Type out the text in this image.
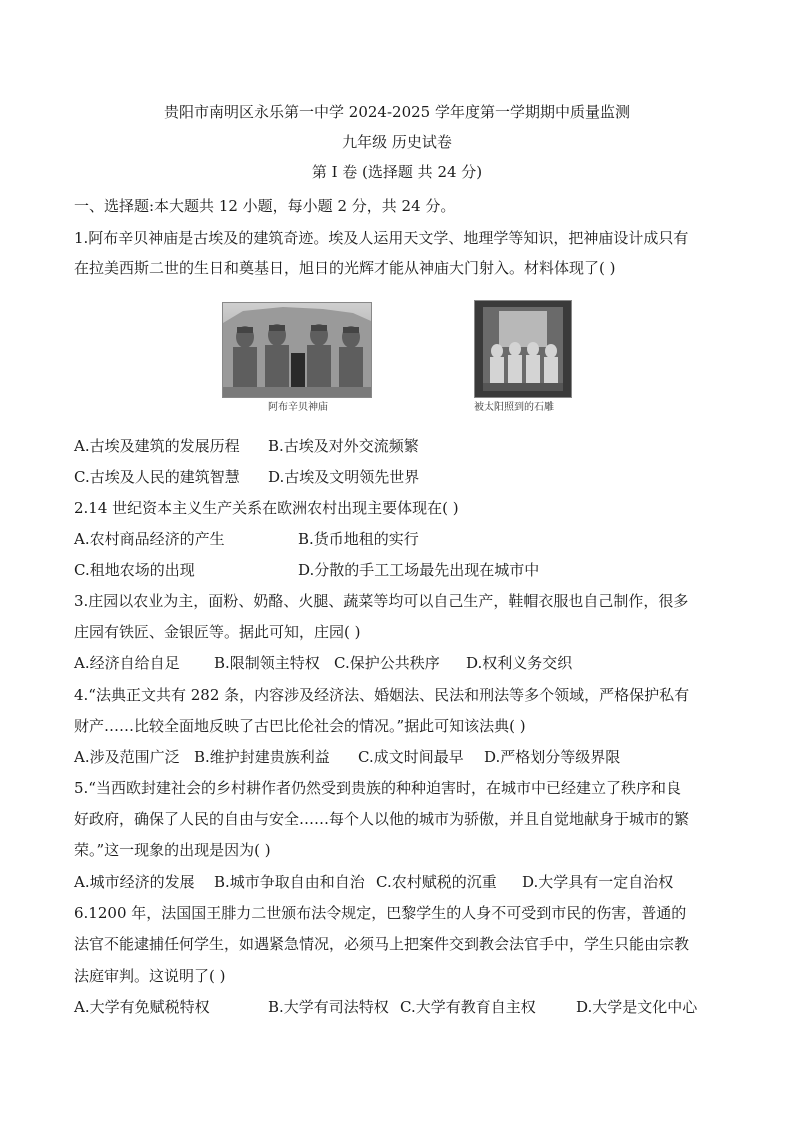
贵阳市南明区永乐第一中学 2024-2025 学年度第一学期期中质量监测
九年级 历史试卷
第 I 卷 (选择题 共 24 分)
一、选择题:本大题共 12 小题，每小题 2 分，共 24 分。
1.阿布辛贝神庙是古埃及的建筑奇迹。埃及人运用天文学、地理学等知识，把神庙设计成只有
在拉美西斯二世的生日和奠基日，旭日的光辉才能从神庙大门射入。材料体现了( )
阿布辛贝神庙	被太阳照到的石雕
A.古埃及建筑的发展历程 B.古埃及对外交流频繁
C.古埃及人民的建筑智慧 D.古埃及文明领先世界
2.14 世纪资本主义生产关系在欧洲农村出现主要体现在( )
A.农村商品经济的产生	B.货币地租的实行
C.租地农场的出现	D.分散的手工工场最先出现在城市中
3.庄园以农业为主，面粉、奶酪、火腿、蔬菜等均可以自己生产，鞋帽衣服也自己制作，很多
庄园有铁匠、金银匠等。据此可知，庄园( )
A.经济自给自足 B.限制领主特权 C.保护公共秩序 D.权利义务交织
4.“法典正文共有 282 条，内容涉及经济法、婚姻法、民法和刑法等多个领域，严格保护私有
财产……比较全面地反映了古巴比伦社会的情况。”据此可知该法典( )
A.涉及范围广泛 B.维护封建贵族利益 C.成文时间最早 D.严格划分等级界限
5.“当西欧封建社会的乡村耕作者仍然受到贵族的种种迫害时，在城市中已经建立了秩序和良
好政府，确保了人民的自由与安全……每个人以他的城市为骄傲，并且自觉地献身于城市的繁
荣。”这一现象的出现是因为( )
A.城市经济的发展 B.城市争取自由和自治 C.农村赋税的沉重 D.大学具有一定自治权
6.1200 年，法国国王腓力二世颁布法令规定，巴黎学生的人身不可受到市民的伤害，普通的
法官不能逮捕任何学生，如遇紧急情况，必须马上把案件交到教会法官手中，学生只能由宗教
法庭审判。这说明了( )
A.大学有免赋税特权	B.大学有司法特权 C.大学有教育自主权	D.大学是文化中心
